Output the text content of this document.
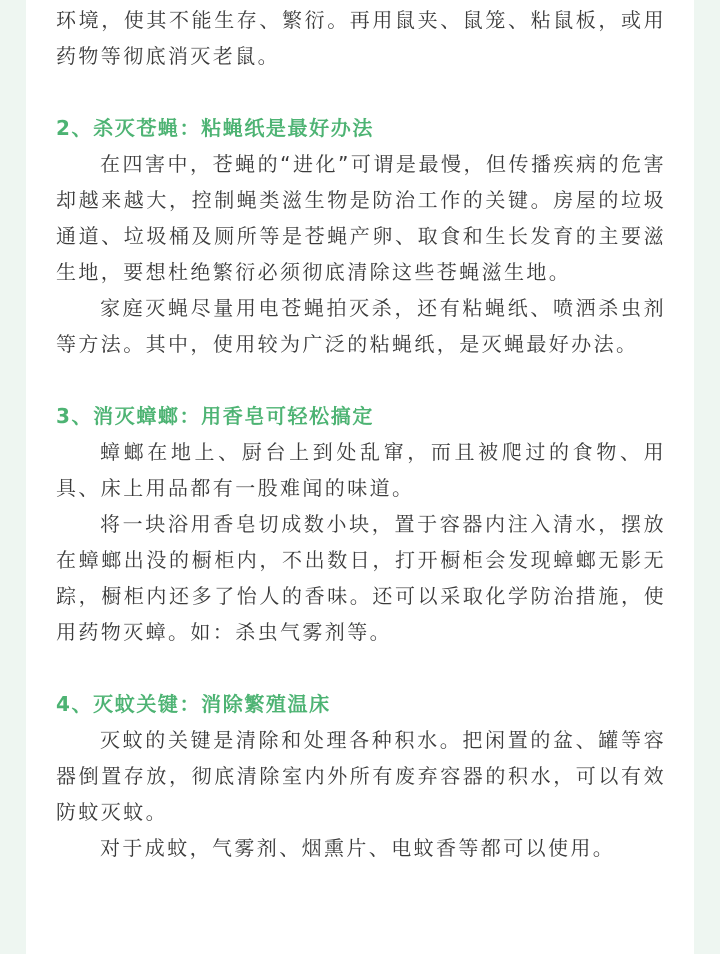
环境，使其不能生存、繁衍。再用鼠夹、鼠笼、粘鼠板，或用药物等彻底消灭老鼠。

2、杀灭苍蝇：粘蝇纸是最好办法

在四害中，苍蝇的“进化”可谓是最慢，但传播疾病的危害却越来越大，控制蝇类滋生物是防治工作的关键。房屋的垃圾通道、垃圾桶及厕所等是苍蝇产卵、取食和生长发育的主要滋生地，要想杜绝繁衍必须彻底清除这些苍蝇滋生地。

家庭灭蝇尽量用电苍蝇拍灭杀，还有粘蝇纸、喷洒杀虫剂等方法。其中，使用较为广泛的粘蝇纸，是灭蝇最好办法。

3、消灭蟑螂：用香皂可轻松搞定

蟑螂在地上、厨台上到处乱窜，而且被爬过的食物、用具、床上用品都有一股难闻的味道。

将一块浴用香皂切成数小块，置于容器内注入清水，摆放在蟑螂出没的橱柜内，不出数日，打开橱柜会发现蟑螂无影无踪，橱柜内还多了怡人的香味。还可以采取化学防治措施，使用药物灭蟑。如：杀虫气雾剂等。

4、灭蚊关键：消除繁殖温床

灭蚊的关键是清除和处理各种积水。把闲置的盆、罐等容器倒置存放，彻底清除室内外所有废弃容器的积水，可以有效防蚊灭蚊。

对于成蚊，气雾剂、烟熏片、电蚊香等都可以使用。
